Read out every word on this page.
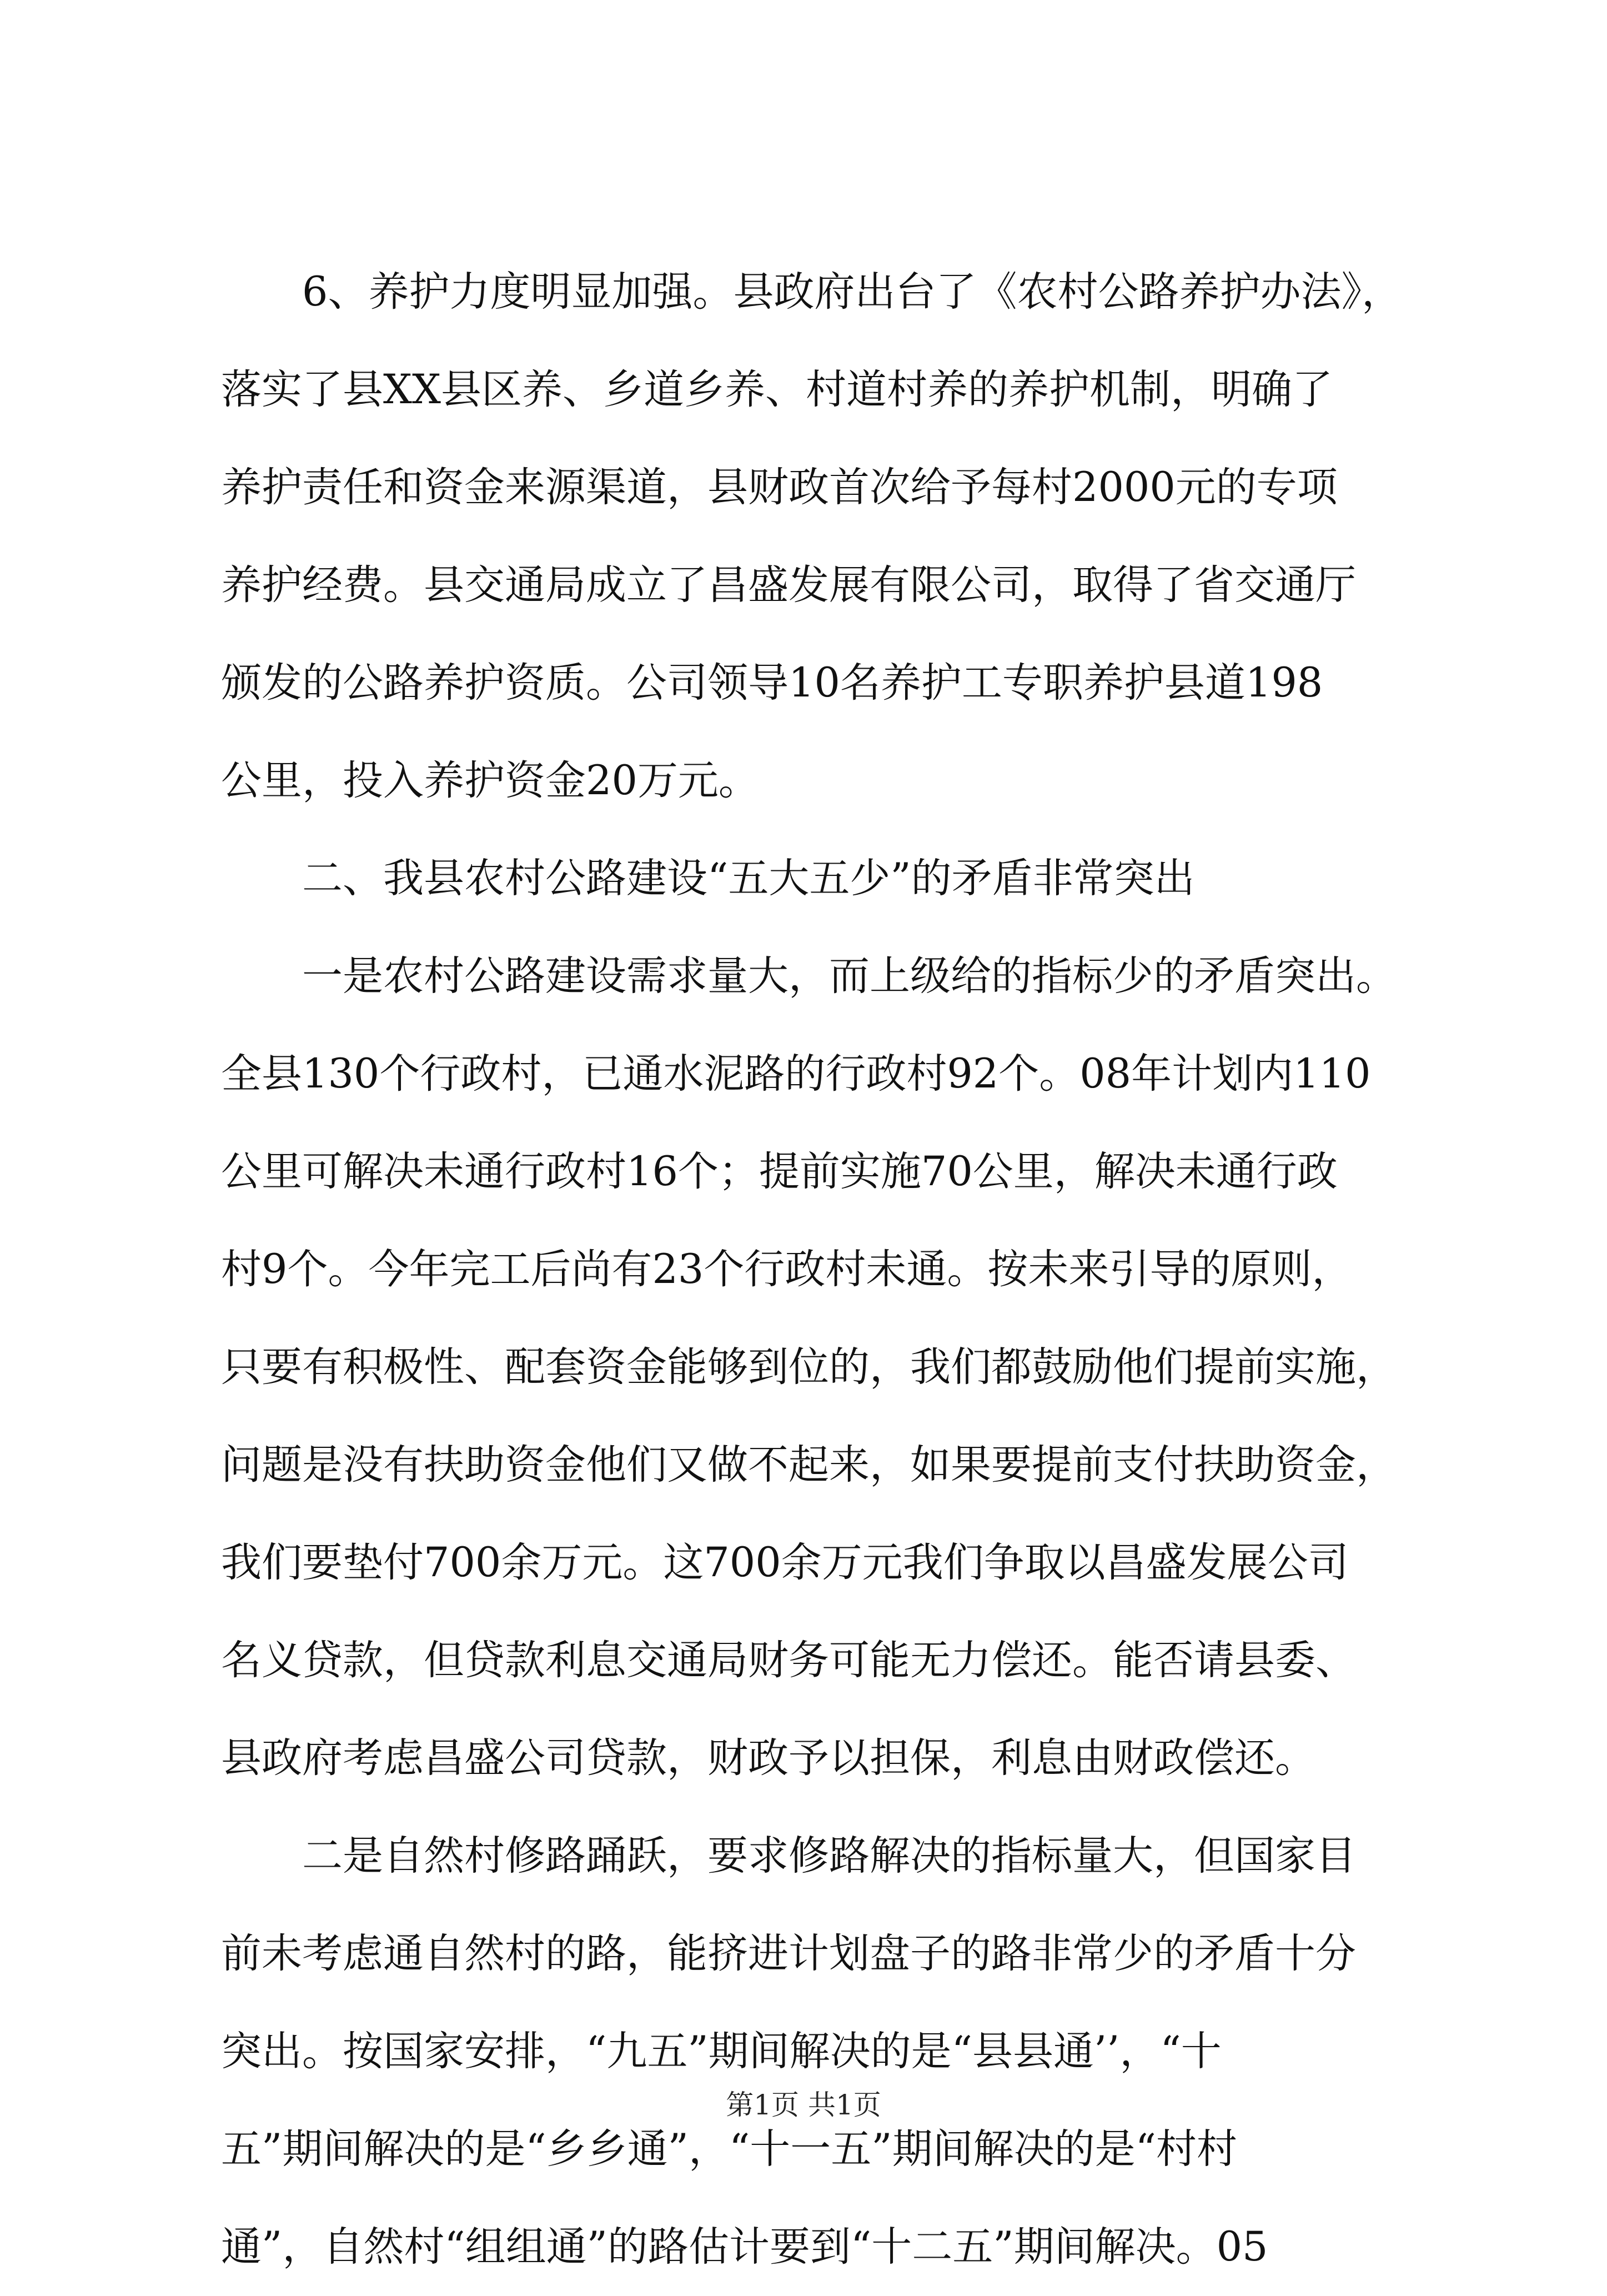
　　6、养护力度明显加强。县政府出台了《农村公路养护办法》，
落实了县XX县区养、乡道乡养、村道村养的养护机制，明确了
养护责任和资金来源渠道，县财政首次给予每村2000元的专项
养护经费。县交通局成立了昌盛发展有限公司，取得了省交通厅
颁发的公路养护资质。公司领导10名养护工专职养护县道198
公里，投入养护资金20万元。
　　二、我县农村公路建设“五大五少”的矛盾非常突出
　　一是农村公路建设需求量大，而上级给的指标少的矛盾突出。
全县130个行政村，已通水泥路的行政村92个。08年计划内110
公里可解决未通行政村16个；提前实施70公里，解决未通行政
村9个。今年完工后尚有23个行政村未通。按未来引导的原则，
只要有积极性、配套资金能够到位的，我们都鼓励他们提前实施，
问题是没有扶助资金他们又做不起来，如果要提前支付扶助资金，
我们要垫付700余万元。这700余万元我们争取以昌盛发展公司
名义贷款，但贷款利息交通局财务可能无力偿还。能否请县委、
县政府考虑昌盛公司贷款，财政予以担保，利息由财政偿还。
　　二是自然村修路踊跃，要求修路解决的指标量大，但国家目
前未考虑通自然村的路，能挤进计划盘子的路非常少的矛盾十分
突出。按国家安排，“九五”期间解决的是“县县通’’，“十
五”期间解决的是“乡乡通”，“十一五”期间解决的是“村村
通”，自然村“组组通”的路估计要到“十二五”期间解决。05
第1页 共1页
